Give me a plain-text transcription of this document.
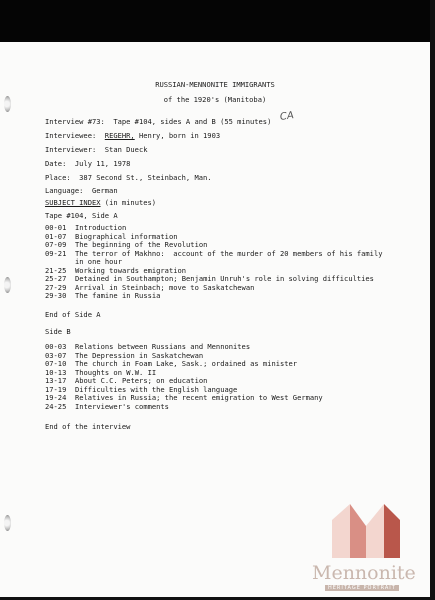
RUSSIAN-MENNONITE IMMIGRANTS
of the 1920's (Manitoba)
Interview #73:  Tape #104, sides A and B (55 minutes) CA
Interviewee: REGEHR, Henry, born in 1903
Interviewer:  Stan Dueck
Date:  July 11, 1978
Place:  387 Second St., Steinbach, Man.
Language:  German
SUBJECT INDEX (in minutes)
Tape #104, Side A
00-01 Introduction
01-07 Biographical information
07-09 The beginning of the Revolution
09-21 The terror of Makhno:  account of the murder of 20 members of his family
in one hour
21-25 Working towards emigration
25-27 Detained in Southampton; Benjamin Unruh's role in solving difficulties
27-29 Arrival in Steinbach; move to Saskatchewan
29-30 The famine in Russia
End of Side A
Side B
00-03 Relations between Russians and Mennonites
03-07 The Depression in Saskatchewan
07-10 The church in Foam Lake, Sask.; ordained as minister
10-13 Thoughts on W.W. II
13-17 About C.C. Peters; on education
17-19 Difficulties with the English language
19-24 Relatives in Russia; the recent emigration to West Germany
24-25 Interviewer's comments
End of the interview
Mennonite
HERITAGE PORTRAIT
